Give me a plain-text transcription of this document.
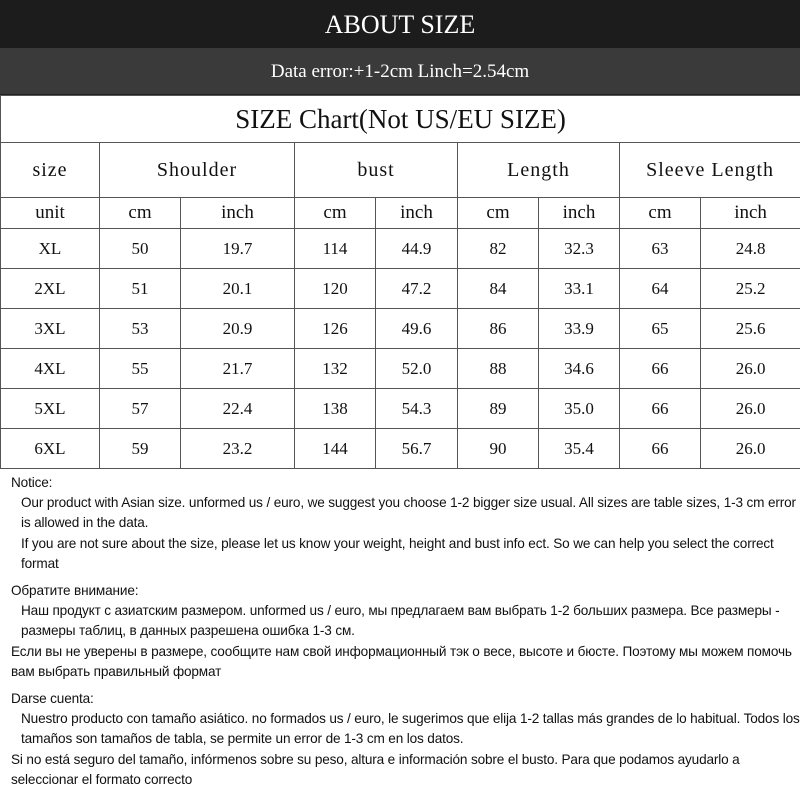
ABOUT SIZE
Data error:+1-2cm Linch=2.54cm
SIZE Chart(Not US/EU SIZE)								
size	Shoulder		bust		Length		Sleeve Length	
unit	cm	inch	cm	inch	cm	inch	cm	inch
XL	50	19.7	114	44.9	82	32.3	63	24.8
2XL	51	20.1	120	47.2	84	33.1	64	25.2
3XL	53	20.9	126	49.6	86	33.9	65	25.6
4XL	55	21.7	132	52.0	88	34.6	66	26.0
5XL	57	22.4	138	54.3	89	35.0	66	26.0
6XL	59	23.2	144	56.7	90	35.4	66	26.0

Notice:

Our product with Asian size. unformed us / euro, we suggest you choose 1-2 bigger size usual. All sizes are table sizes, 1-3 cm error is allowed in the data.

If you are not sure about the size, please let us know your weight, height and bust info ect. So we can help you select the correct format

Обратите внимание:

Наш продукт с азиатским размером. unformed us / euro, мы предлагаем вам выбрать 1-2 больших размера. Все размеры - размеры таблиц, в данных разрешена ошибка 1-3 см.

Если вы не уверены в размере, сообщите нам свой информационный тэк о весе, высоте и бюсте. Поэтому мы можем помочь вам выбрать правильный формат

Darse cuenta:

Nuestro producto con tamaño asiático. no formados us / euro, le sugerimos que elija 1-2 tallas más grandes de lo habitual. Todos los tamaños son tamaños de tabla, se permite un error de 1-3 cm en los datos.

Si no está seguro del tamaño, infórmenos sobre su peso, altura e información sobre el busto. Para que podamos ayudarlo a seleccionar el formato correcto
